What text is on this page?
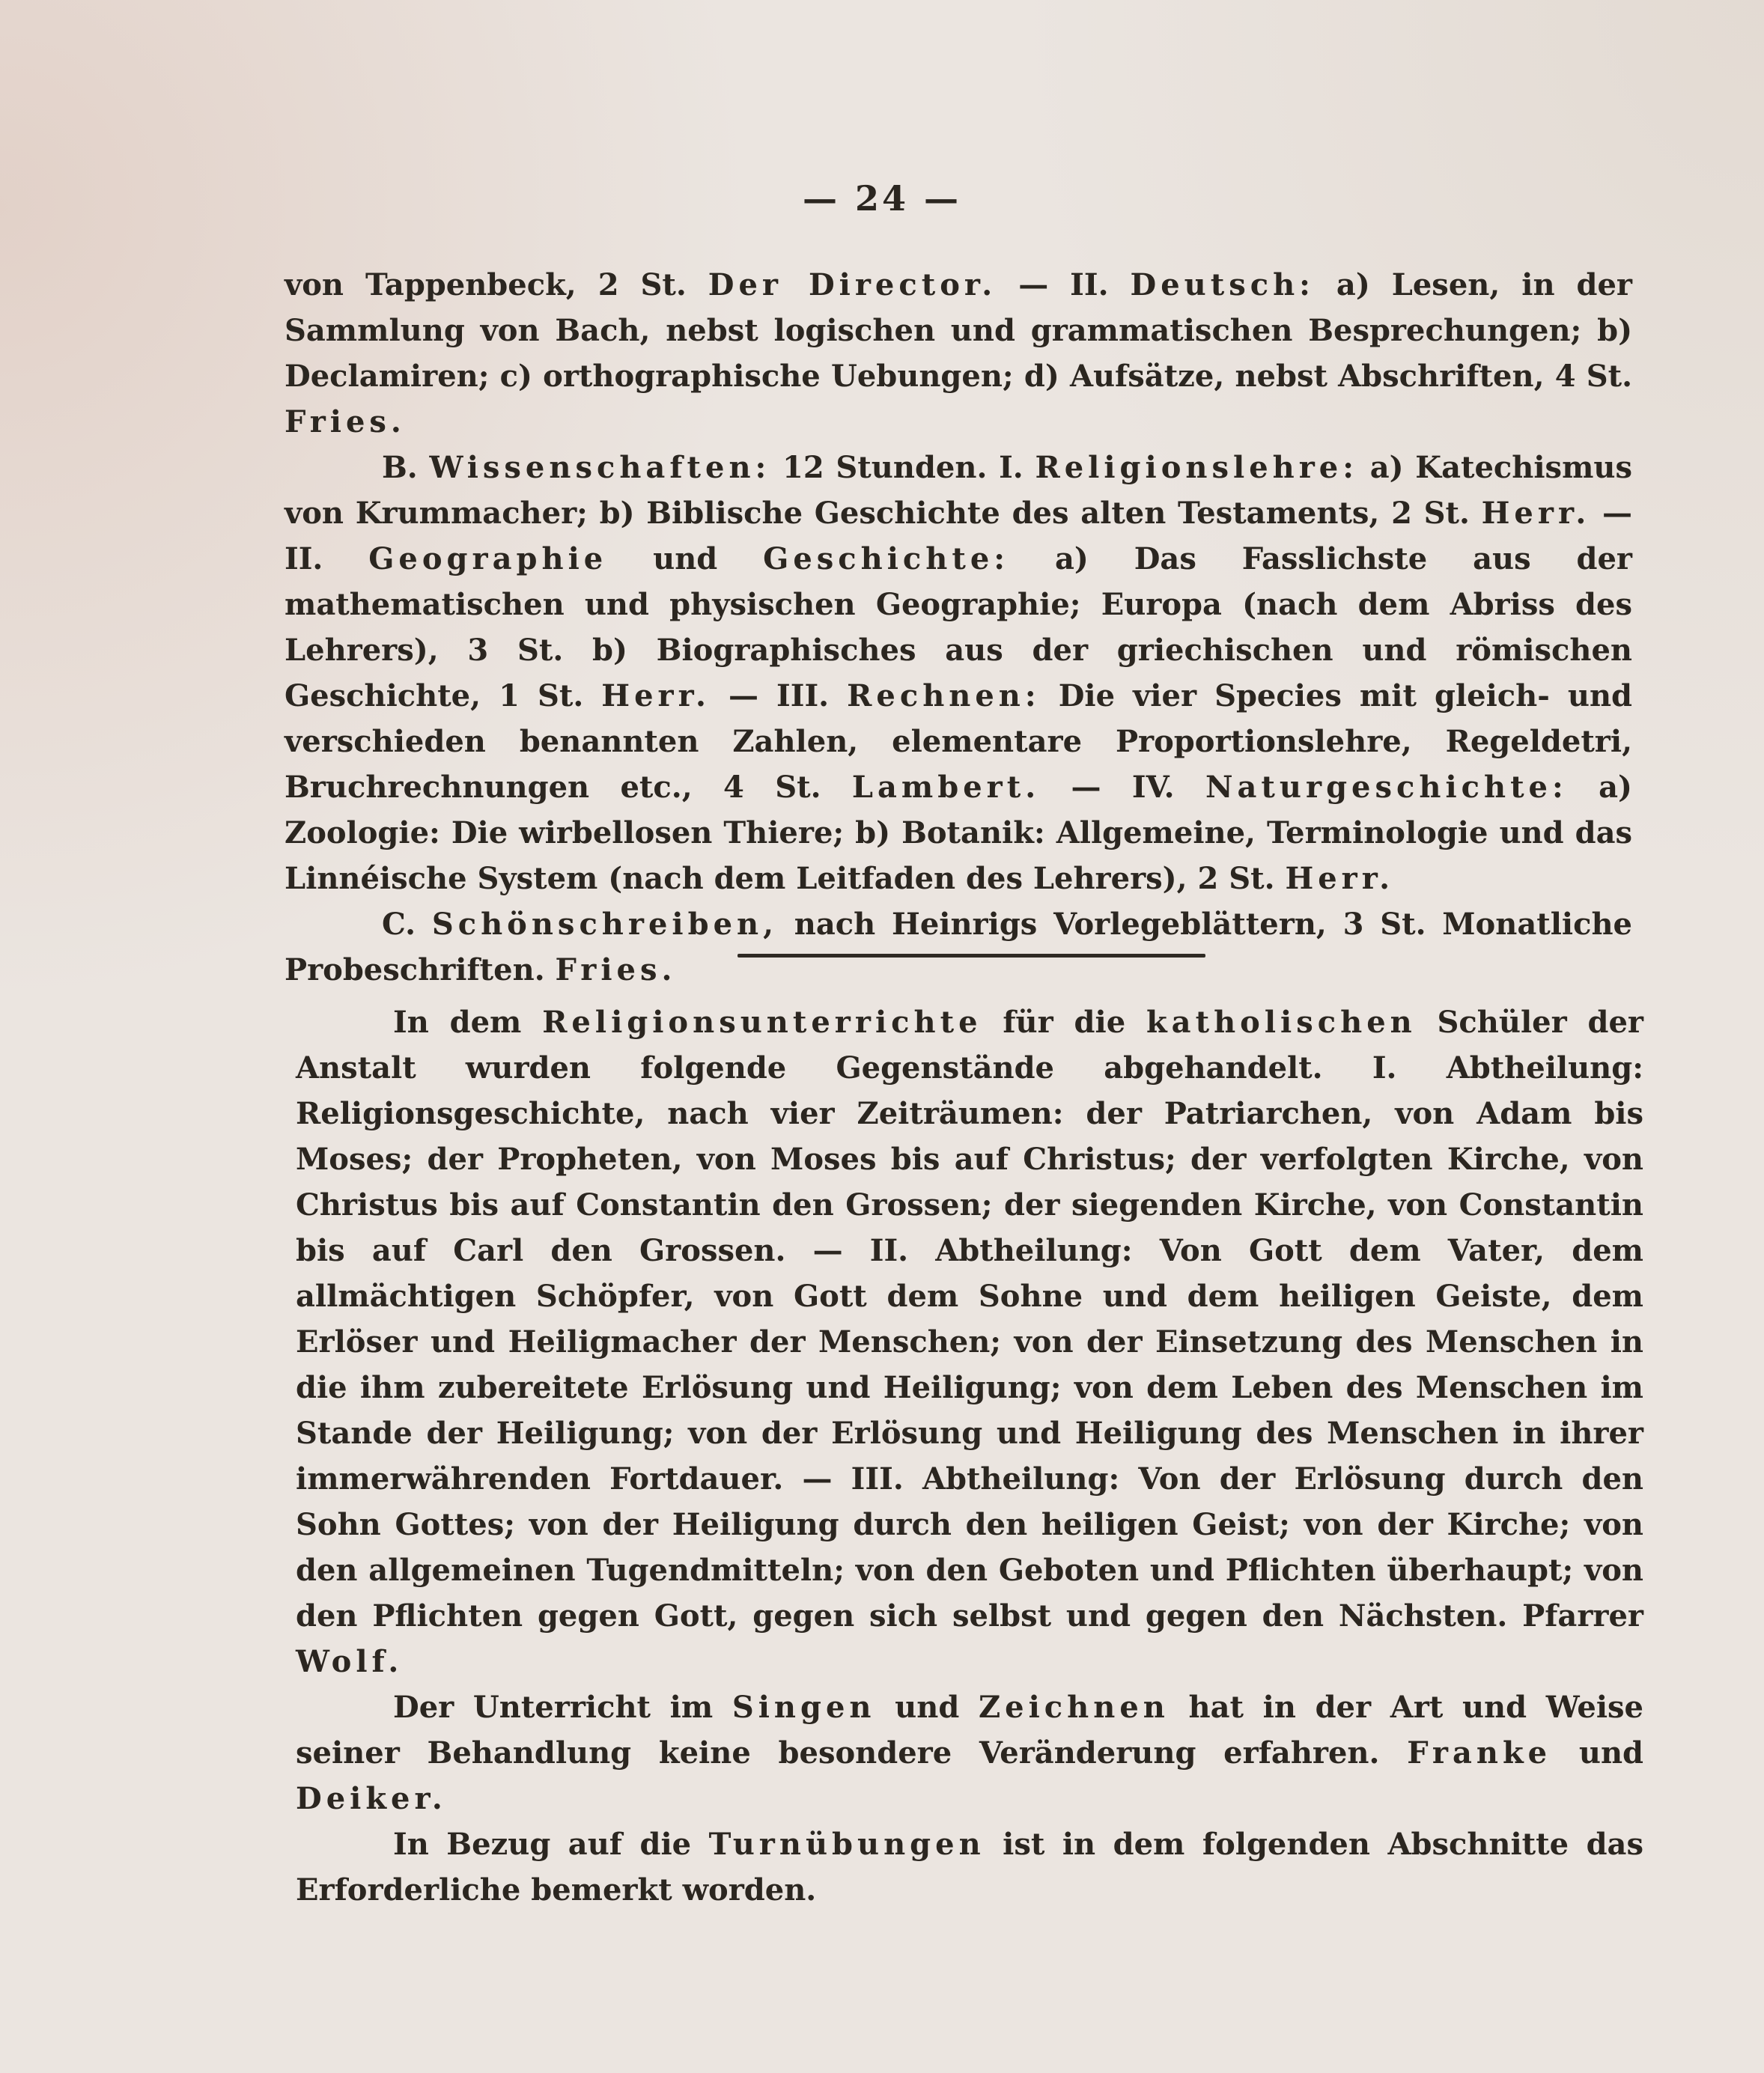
— 24 —

von Tappenbeck, 2 St. Der Director. — II. Deutsch: a) Lesen, in der Sammlung von Bach, nebst logischen und grammatischen Besprechungen; b) Declamiren; c) orthographische Uebungen; d) Aufsätze, nebst Abschriften, 4 St. Fries.

B. Wissenschaften: 12 Stunden. I. Religionslehre: a) Katechismus von Krummacher; b) Biblische Geschichte des alten Testaments, 2 St. Herr. — II. Geographie und Geschichte: a) Das Fasslichste aus der mathematischen und physischen Geographie; Europa (nach dem Abriss des Lehrers), 3 St. b) Biographisches aus der griechischen und römischen Geschichte, 1 St. Herr. — III. Rechnen: Die vier Species mit gleich- und verschieden benannten Zahlen, elementare Proportionslehre, Regeldetri, Bruchrechnungen etc., 4 St. Lambert. — IV. Naturgeschichte: a) Zoologie: Die wirbellosen Thiere; b) Botanik: Allgemeine, Terminologie und das Linnéische System (nach dem Leitfaden des Lehrers), 2 St. Herr.

C. Schönschreiben, nach Heinrigs Vorlegeblättern, 3 St. Monatliche Probeschriften. Fries.

In dem Religionsunterrichte für die katholischen Schüler der Anstalt wurden folgende Gegenstände abgehandelt. I. Abtheilung: Religionsgeschichte, nach vier Zeiträumen: der Patriarchen, von Adam bis Moses; der Propheten, von Moses bis auf Christus; der verfolgten Kirche, von Christus bis auf Constantin den Grossen; der siegenden Kirche, von Constantin bis auf Carl den Grossen. — II. Abtheilung: Von Gott dem Vater, dem allmächtigen Schöpfer, von Gott dem Sohne und dem heiligen Geiste, dem Erlöser und Heiligmacher der Menschen; von der Einsetzung des Menschen in die ihm zubereitete Erlösung und Heiligung; von dem Leben des Menschen im Stande der Heiligung; von der Erlösung und Heiligung des Menschen in ihrer immerwährenden Fortdauer. — III. Abtheilung: Von der Erlösung durch den Sohn Gottes; von der Heiligung durch den heiligen Geist; von der Kirche; von den allgemeinen Tugendmitteln; von den Geboten und Pflichten überhaupt; von den Pflichten gegen Gott, gegen sich selbst und gegen den Nächsten. Pfarrer Wolf.

Der Unterricht im Singen und Zeichnen hat in der Art und Weise seiner Behandlung keine besondere Veränderung erfahren. Franke und Deiker.

In Bezug auf die Turnübungen ist in dem folgenden Abschnitte das Erforderliche bemerkt worden.
